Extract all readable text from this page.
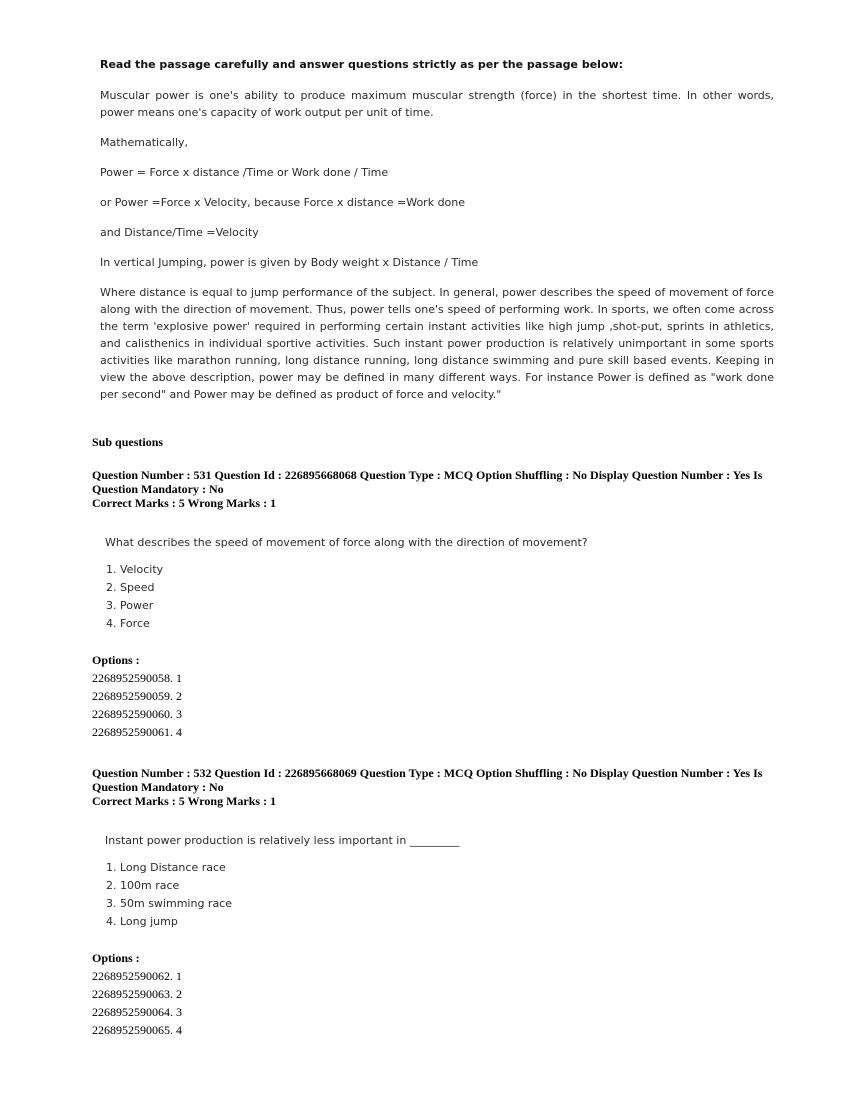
Read the passage carefully and answer questions strictly as per the passage below:

Muscular power is one's ability to produce maximum muscular strength (force) in the shortest time. In other words, power means one's capacity of work output per unit of time.

Mathematically,

Power = Force x distance /Time or Work done / Time

or Power =Force x Velocity, because Force x distance =Work done

and Distance/Time =Velocity

In vertical Jumping, power is given by Body weight x Distance / Time

Where distance is equal to jump performance of the subject. In general, power describes the speed of movement of force along with the direction of movement. Thus, power tells one's speed of performing work. In sports, we often come across the term 'explosive power' required in performing certain instant activities like high jump ,shot-put, sprints in athletics, and calisthenics in individual sportive activities. Such instant power production is relatively unimportant in some sports activities like marathon running, long distance running, long distance swimming and pure skill based events. Keeping in view the above description, power may be defined in many different ways. For instance Power is defined as "work done per second" and Power may be defined as product of force and velocity."

Sub questions
Question Number : 531 Question Id : 226895668068 Question Type : MCQ Option Shuffling : No Display Question Number : Yes Is Question Mandatory : No
Correct Marks : 5 Wrong Marks : 1
What describes the speed of movement of force along with the direction of movement?
1. Velocity
2. Speed
3. Power
4. Force
Options :
2268952590058. 1
2268952590059. 2
2268952590060. 3
2268952590061. 4
Question Number : 532 Question Id : 226895668069 Question Type : MCQ Option Shuffling : No Display Question Number : Yes Is Question Mandatory : No
Correct Marks : 5 Wrong Marks : 1
Instant power production is relatively less important in _________
1. Long Distance race
2. 100m race
3. 50m swimming race
4. Long jump
Options :
2268952590062. 1
2268952590063. 2
2268952590064. 3
2268952590065. 4
